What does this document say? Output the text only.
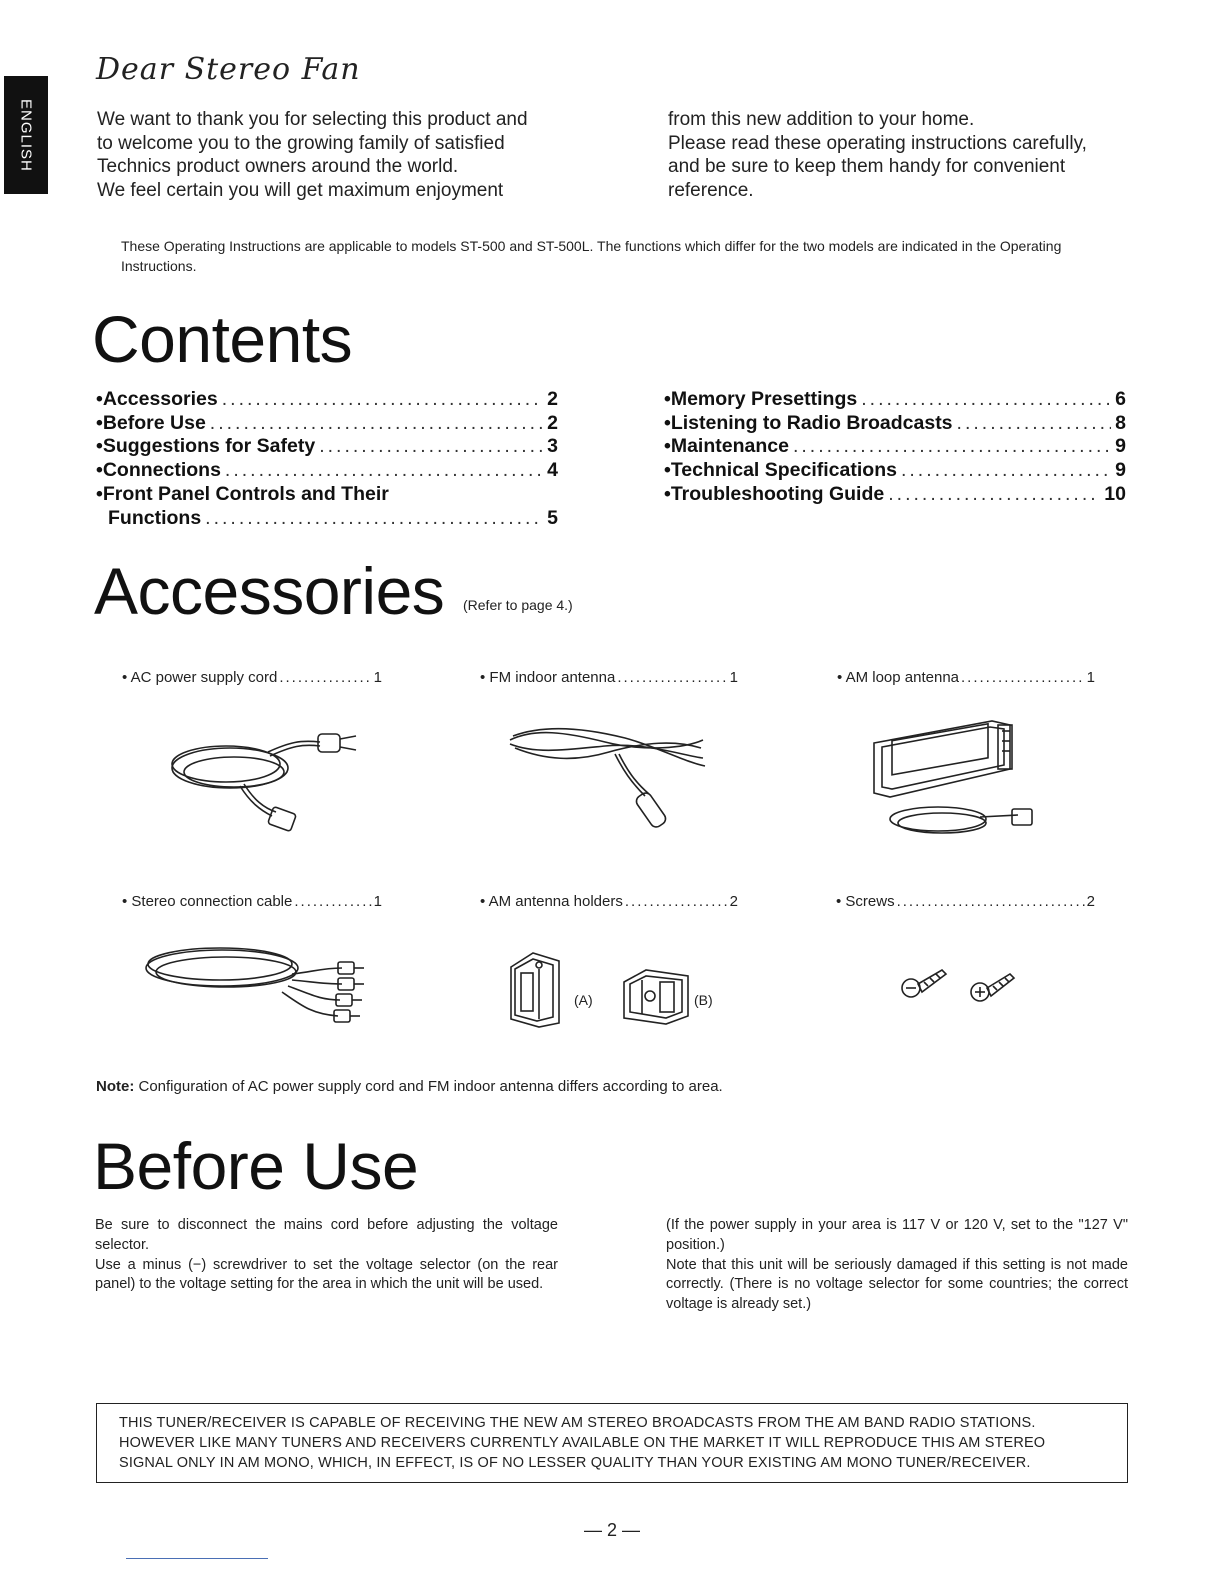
ENGLISH
Dear Stereo Fan

We want to thank you for selecting this product and

to welcome you to the growing family of satisfied

Technics product owners around the world.

We feel certain you will get maximum enjoyment

from this new addition to your home.

Please read these operating instructions carefully,

and be sure to keep them handy for convenient

reference.

These Operating Instructions are applicable to models ST-500 and ST-500L. The functions which differ for the two models are indicated in the Operating Instructions.
Contents
•Accessories .....	2
•Before Use .....	2
•Suggestions for Safety .....	3
•Connections .....	4
•Front Panel Controls and Their
Functions .....	5
•Memory Presettings .....	6
•Listening to Radio Broadcasts .....	8
•Maintenance .....	9
•Technical Specifications .....	9
•Troubleshooting Guide .....	10
Accessories (Refer to page 4.)
• AC power supply cord .....	1	• FM indoor antenna .....	1	• AM loop antenna .....	1
• Stereo connection cable .....	1	• AM antenna holders .....	2	• Screws .....	2
(A)	(B)
Note: Configuration of AC power supply cord and FM indoor antenna differs according to area.
Before Use

Be sure to disconnect the mains cord before adjusting the voltage selector.

Use a minus (−) screwdriver to set the voltage selector (on the rear panel) to the voltage setting for the area in which the unit will be used.

(If the power supply in your area is 117 V or 120 V, set to the "127 V" position.)

Note that this unit will be seriously damaged if this setting is not made correctly. (There is no voltage selector for some countries; the correct voltage is already set.)

THIS TUNER/RECEIVER IS CAPABLE OF RECEIVING THE NEW AM STEREO BROADCASTS FROM THE AM BAND RADIO STATIONS.

HOWEVER LIKE MANY TUNERS AND RECEIVERS CURRENTLY AVAILABLE ON THE MARKET IT WILL REPRODUCE THIS AM STEREO

SIGNAL ONLY IN AM MONO, WHICH, IN EFFECT, IS OF NO LESSER QUALITY THAN YOUR EXISTING AM MONO TUNER/RECEIVER.

— 2 —
